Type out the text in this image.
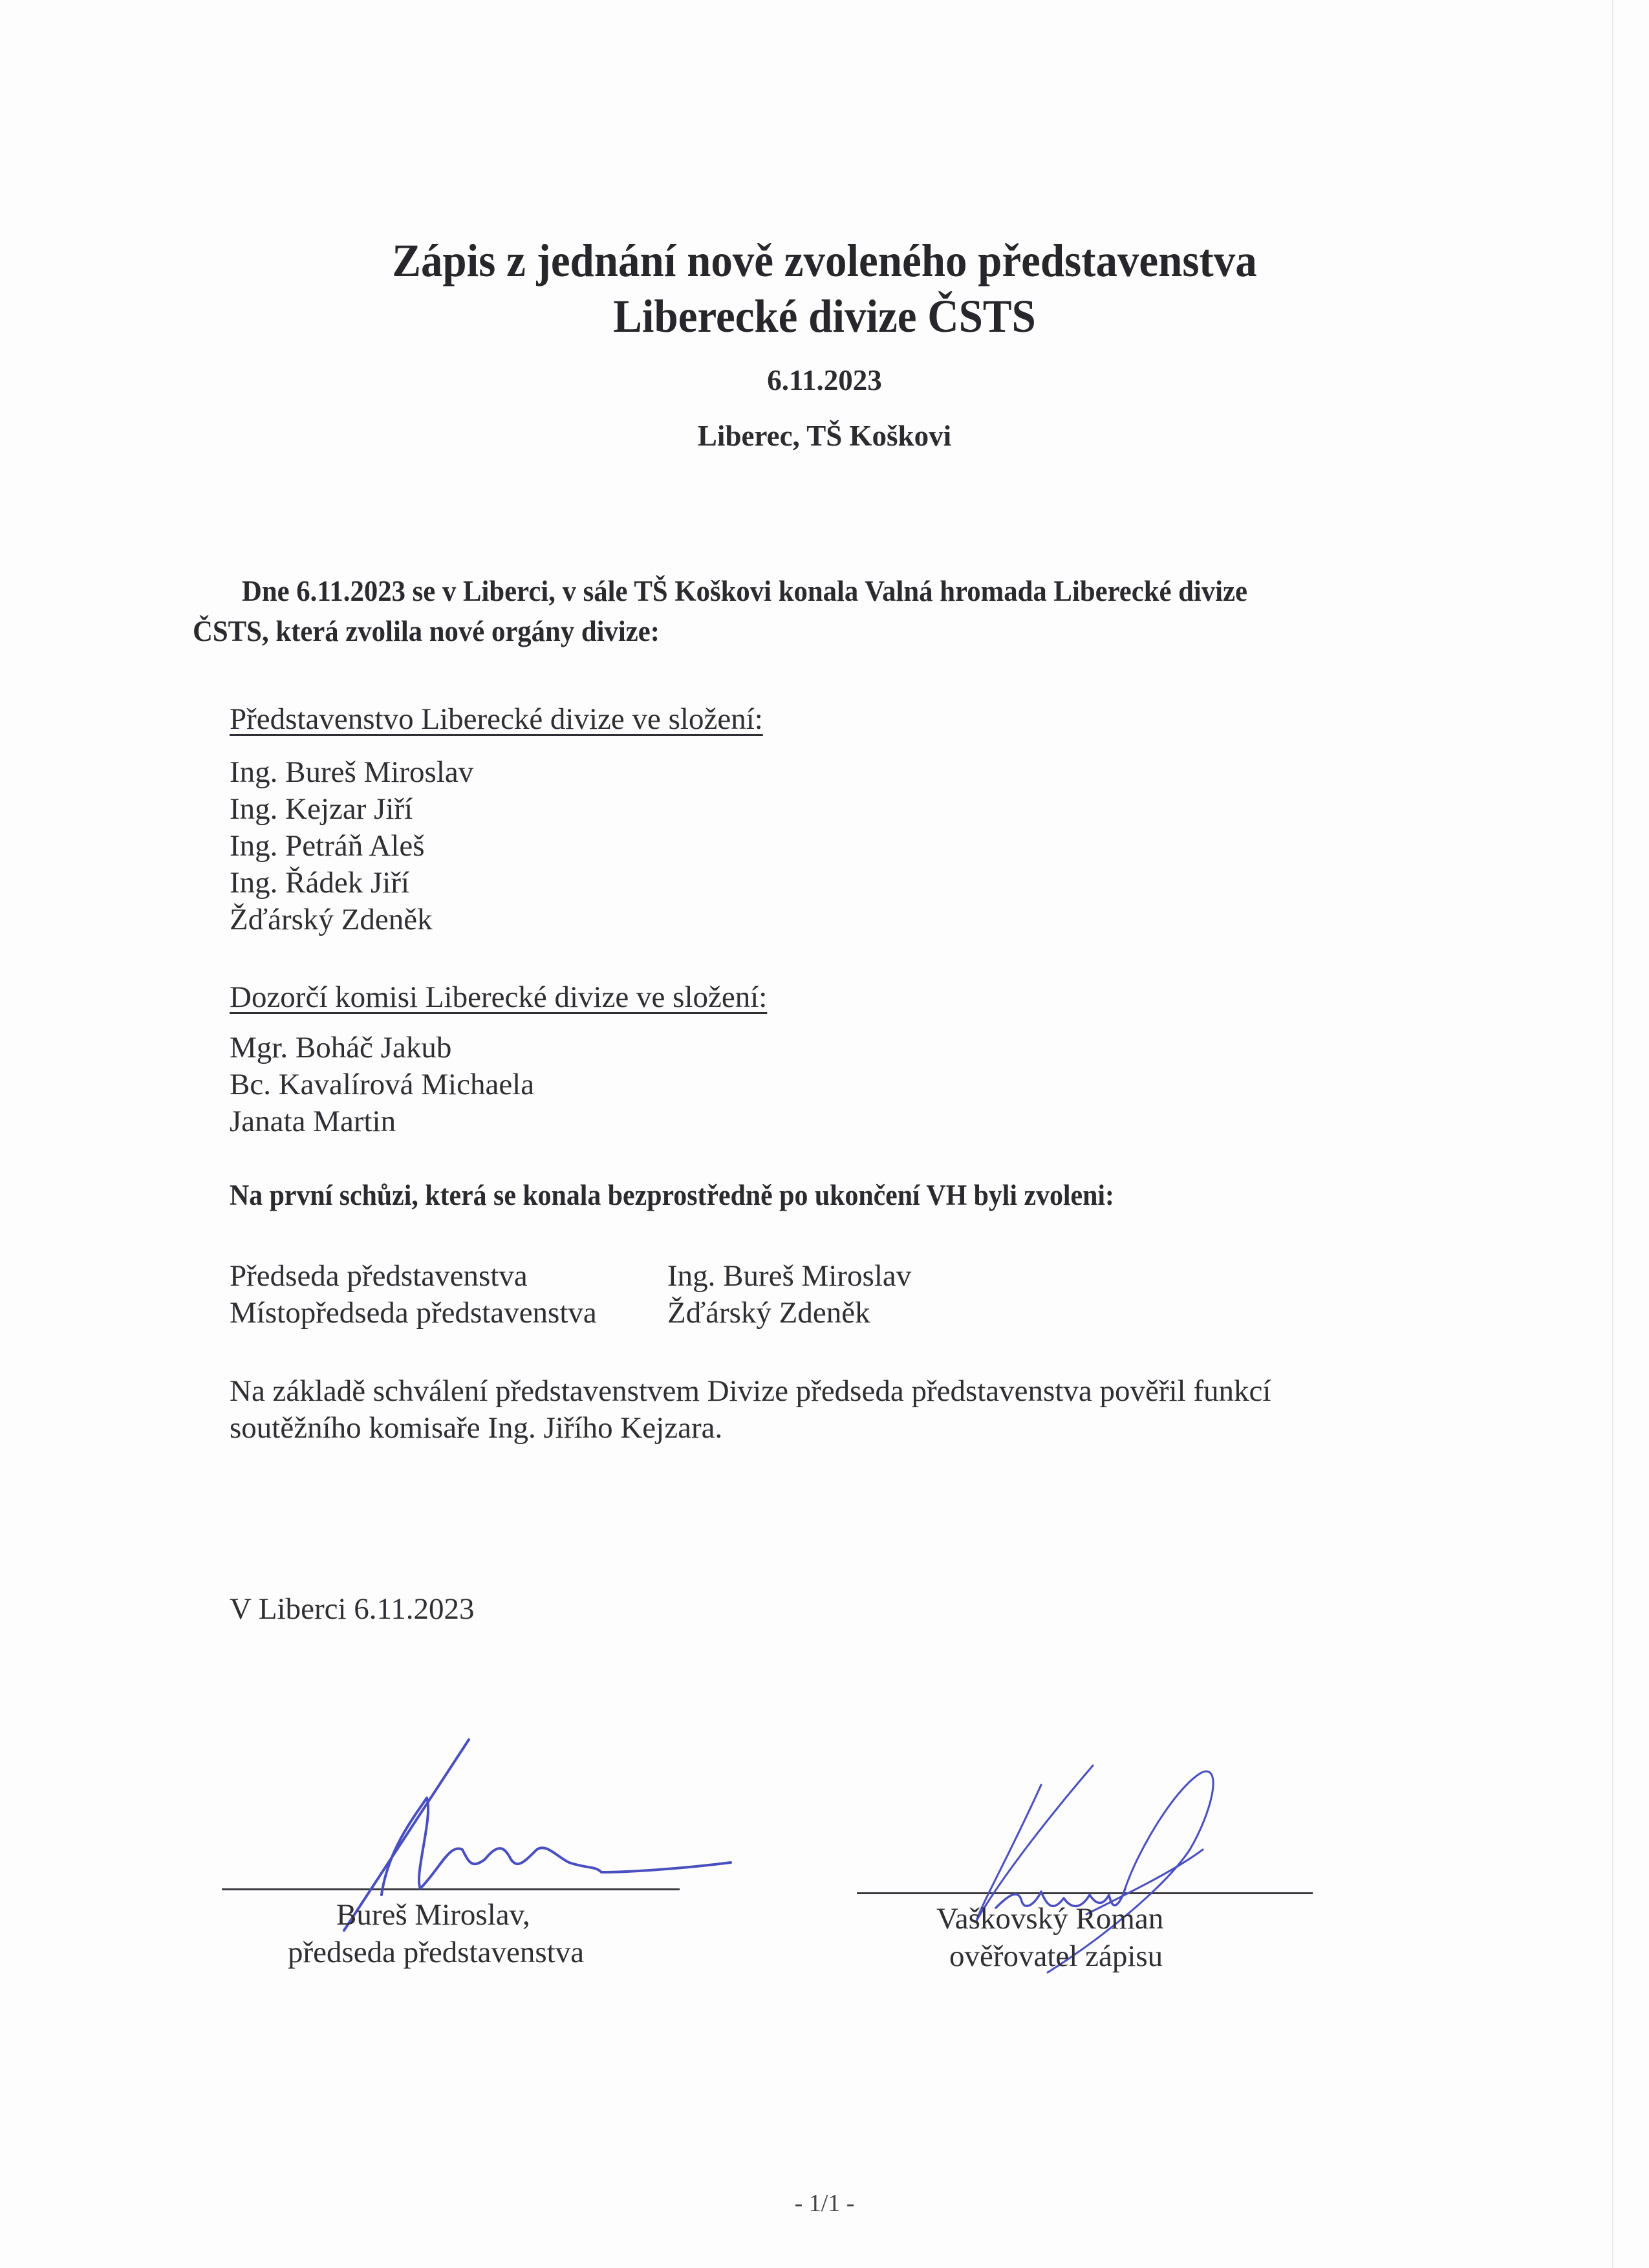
Zápis z jednání nově zvoleného představenstva
Liberecké divize ČSTS
6.11.2023
Liberec, TŠ Koškovi
Dne 6.11.2023 se v Liberci, v sále TŠ Koškovi konala Valná hromada Liberecké divize
ČSTS, která zvolila nové orgány divize:
Představenstvo Liberecké divize ve složení:
Ing. Bureš Miroslav
Ing. Kejzar Jiří
Ing. Petráň Aleš
Ing. Řádek Jiří
Žďárský Zdeněk
Dozorčí komisi Liberecké divize ve složení:
Mgr. Boháč Jakub
Bc. Kavalírová Michaela
Janata Martin
Na první schůzi, která se konala bezprostředně po ukončení VH byli zvoleni:
Předseda představenstva	Ing. Bureš Miroslav
Místopředseda představenstva Žďárský Zdeněk
Na základě schválení představenstvem Divize předseda představenstva pověřil funkcí
soutěžního komisaře Ing. Jiřího Kejzara.
V Liberci 6.11.2023
Bureš Miroslav,
předseda představenstva
Vaškovský Roman
ověřovatel zápisu
- 1/1 -
